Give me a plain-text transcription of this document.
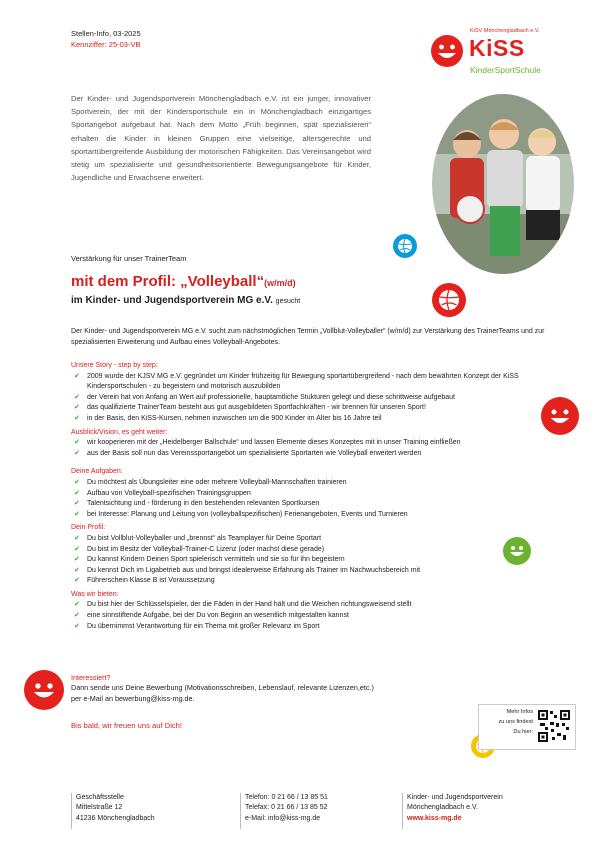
Stellen-Info, 03-2025
Kennziffer: 25-03-VB
KiSV Mönchengladbach e.V.
KiSS
KinderSportSchule
Der Kinder- und Jugendsportverein Mönchengladbach e.V. ist ein junger, innovativer Sportverein, der mit der Kindersportschule ein in Mönchengladbach einzigartiges Sportangebot aufgebaut hat. Nach dem Motto „Früh beginnen, spät spezialisieren“ erhalten die Kinder in kleinen Gruppen eine vielseitige, altersgerechte und sportartübergreifende Ausbildung der motorischen Fähigkeiten. Das Vereinsangebot wird stetig um spezialisierte und gesundheitsorientierte Bewegungsangebote für Kinder, Jugendliche und Erwachsene erweitert.
Verstärkung für unser TrainerTeam
mit dem Profil: „Volleyball“(w/m/d)
im Kinder- und Jugendsportverein MG e.V. gesucht
Der Kinder- und Jugendsportverein MG e.V. sucht zum nächstmöglichen Termin „Vollblut-Volleyballer“ (w/m/d) zur Verstärkung des TrainerTeams und zur spezialisierten Erweiterung und Aufbau eines Volleyball-Angebotes.
Unsere Story - step by step:
✔ 2009 wurde der KJSV MG e.V. gegründet um Kinder frühzeitig für Bewegung sportartübergreifend - nach dem bewährten Konzept der KiSS Kindersportschulen - zu begeistern und motorisch auszubilden
✔ der Verein hat von Anfang an Wert auf professionelle, hauptamtliche Stukturen gelegt und diese schrittweise aufgebaut
✔ das qualifizierte TrainerTeam besteht aus gut ausgebildeten Sportfachkräften - wir brennen für unseren Sport!
✔ in der Basis, den KiSS-Kursen, nehmen inzwischen um die 900 Kinder im Alter bis 16 Jahre teil
Ausblick/Vision, es geht weiter:
✔ wir kooperieren mit der „Heidelberger Ballschule“ und lassen Elemente dieses Konzeptes mit in unser Training einfließen
✔ aus der Basis soll nun das Vereinssportangebot um spezialisierte Sportarten wie Volleyball erweitert werden
Deine Aufgaben:
✔ Du möchtest als Übungsleiter eine oder mehrere Volleyball-Mannschaften trainieren
✔ Aufbau von Volleyball-spezifischen Trainingsgruppen
✔ Talentsichtung und - förderung in den bestehenden relevanten Sportkursen
✔ bei Interesse: Planung und Leitung von (volleyballspezifischen) Ferienangeboten, Events und Turnieren
Dein Profil:
✔ Du bist Vollblut-Volleyballer und „brennst“ als Teamplayer für Deine Sportart
✔ Du bist im Besitz der Volleyball-Trainer-C Lizenz (oder machst diese gerade)
✔ Du kannst Kindern Deinen Sport spielerisch vermitteln und sie so für ihn begeistern
✔ Du kennst Dich im Ligabetrieb aus und bringst idealerweise Erfahrung als Trainer im Nachwuchsbereich mit
✔ Führerschein Klasse B ist Voraussetzung
Was wir bieten:
✔ Du bist hier der Schlüsselspieler, der die Fäden in der Hand hält und die Weichen richtungsweisend stellt
✔ eine sinnstiftende Aufgabe, bei der Du von Beginn an wesentlich mitgestalten kannst
✔ Du übernimmst Verantwortung für ein Thema mit großer Relevanz im Sport
Interessiert?
Dann sende uns Deine Bewerbung (Motivationsschreiben, Lebenslauf, relevante Lizenzen,etc.)
per e-Mail an bewerbung@kiss-mg.de.
Bis bald, wir freuen uns auf Dich!
Mehr Infos
zu uns findest
Du hier:
Geschäftsstelle
Mittelstraße 12
41236 Mönchengladbach
Telefon: 0 21 66 / 13 85 51
Telefax: 0 21 66 / 13 85 52
e-Mail: info@kiss-mg.de
Kinder- und Jugendsportverein
Mönchengladbach e.V.
www.kiss-mg.de
